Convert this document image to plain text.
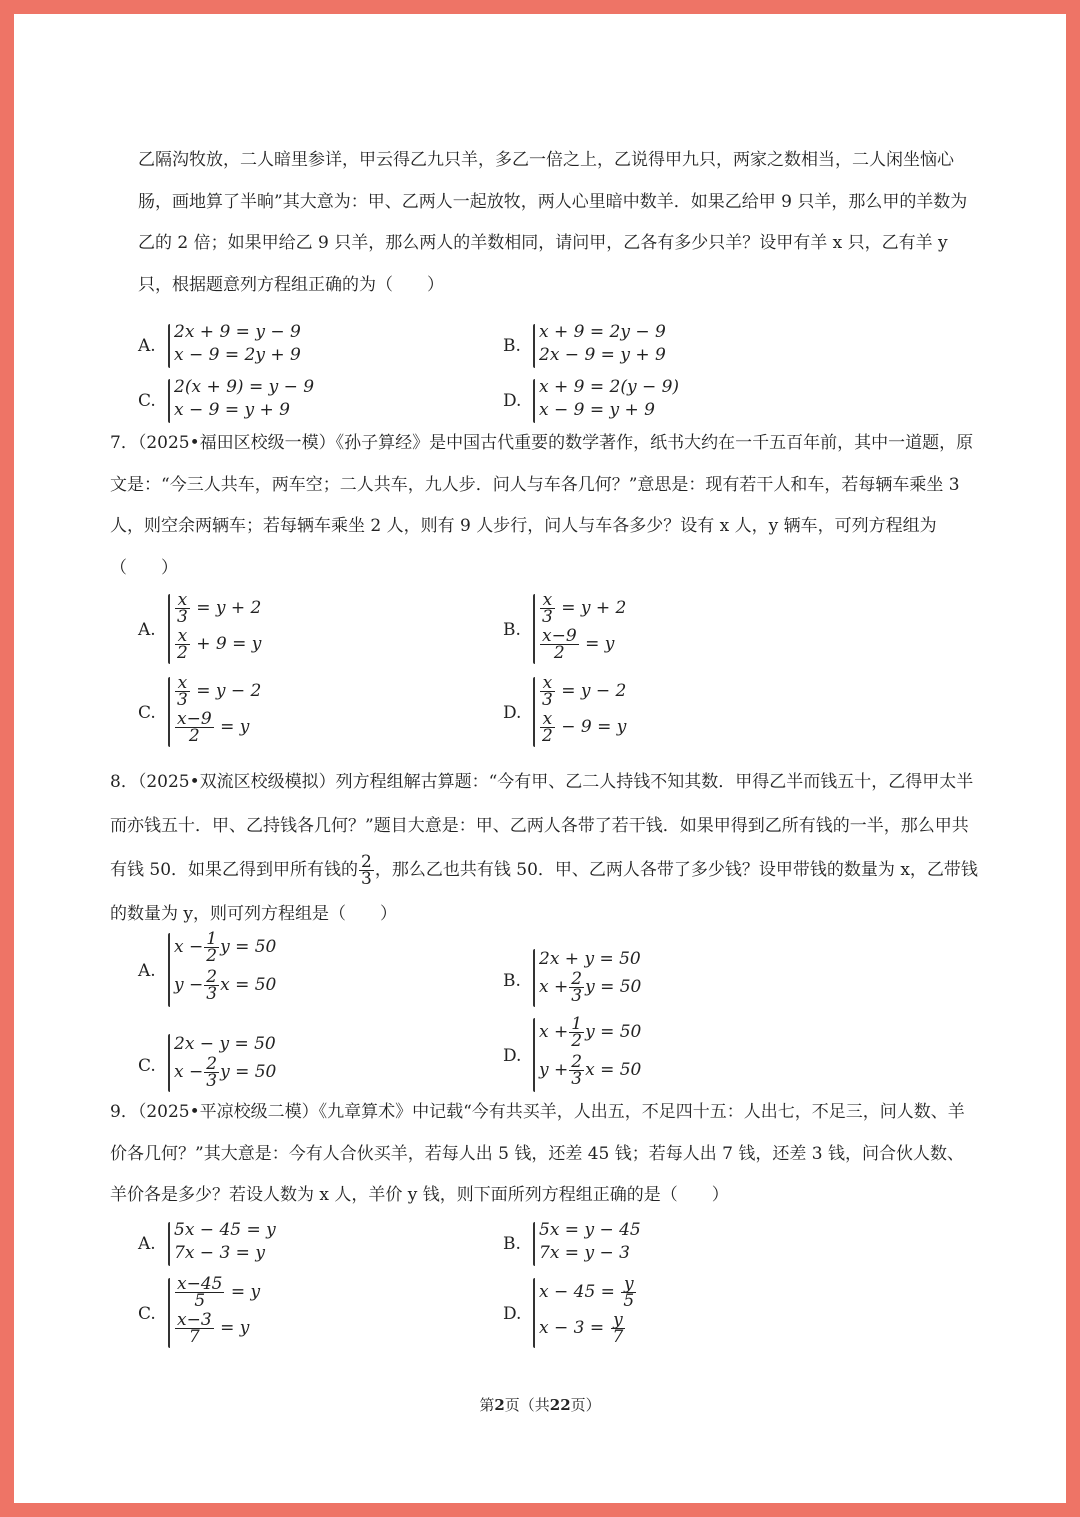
乙隔沟牧放，二人暗里参详，甲云得乙九只羊，多乙一倍之上，乙说得甲九只，两家之数相当，二人闲坐恼心肠，画地算了半晌”其大意为：甲、乙两人一起放牧，两人心里暗中数羊．如果乙给甲 9 只羊，那么甲的羊数为乙的 2 倍；如果甲给乙 9 只羊，那么两人的羊数相同，请问甲，乙各有多少只羊？设甲有羊 x 只，乙有羊 y 只，根据题意列方程组正确的为（　　）
A.
2x + 9 = y − 9
x − 9 = 2y + 9	B.
x + 9 = 2y − 9
2x − 9 = y + 9
C.
2(x + 9) = y − 9
x − 9 = y + 9	D.
x + 9 = 2(y − 9)
x − 9 = y + 9
7．（2025•福田区校级一模）《孙子算经》是中国古代重要的数学著作，纸书大约在一千五百年前，其中一道题，原文是：“今三人共车，两车空；二人共车，九人步．问人与车各几何？”意思是：现有若干人和车，若每辆车乘坐 3 人，则空余两辆车；若每辆车乘坐 2 人，则有 9 人步行，问人与车各多少？设有 x 人，y 辆车，可列方程组为（　　）
A.
$\frac{x}{3} = y + 2$
$\frac{x}{2} + 9 = y$
B.
$\frac{x}{3} = y + 2$
$\frac{x-9}{2} = y$
C.
$\frac{x}{3} = y - 2$
$\frac{x-9}{2} = y$
D.
$\frac{x}{3} = y - 2$
$\frac{x}{2} - 9 = y$
8．（2025•双流区校级模拟）列方程组解古算题：“今有甲、乙二人持钱不知其数．甲得乙半而钱五十，乙得甲太半而亦钱五十．甲、乙持钱各几何？”题目大意是：甲、乙两人各带了若干钱．如果甲得到乙所有钱的一半，那么甲共有钱 50．如果乙得到甲所有钱的 $\frac{2}{3}$ ，那么乙也共有钱 50．甲、乙两人各带了多少钱？设甲带钱的数量为 x，乙带钱的数量为 y，则可列方程组是（　　）
A.
$x - \frac{1}{2}$ y = 50
$y - \frac{2}{3}$ x = 50	B.
2x + y = 50
$x + \frac{2}{3}$ y = 50
C.
2x − y = 50
$x - \frac{2}{3}$ y = 50
D.
$x + \frac{1}{2}$ y = 50
$y + \frac{2}{3}$ x = 50
9．（2025•平凉校级二模）《九章算术》中记载“今有共买羊，人出五，不足四十五：人出七，不足三，问人数、羊价各几何？”其大意是：今有人合伙买羊，若每人出 5 钱，还差 45 钱；若每人出 7 钱，还差 3 钱，问合伙人数、羊价各是多少？若设人数为 x 人，羊价 y 钱，则下面所列方程组正确的是（　　）
A.
5x − 45 = y
7x − 3 = y	B.
5x = y − 45
7x = y − 3
C.
$\frac{x-45}{5} = y$
$\frac{x-3}{7} = y$
D.
$x - 45 = \frac{y}{5}$
$x - 3 = \frac{y}{7}$
第2页（共22页）
